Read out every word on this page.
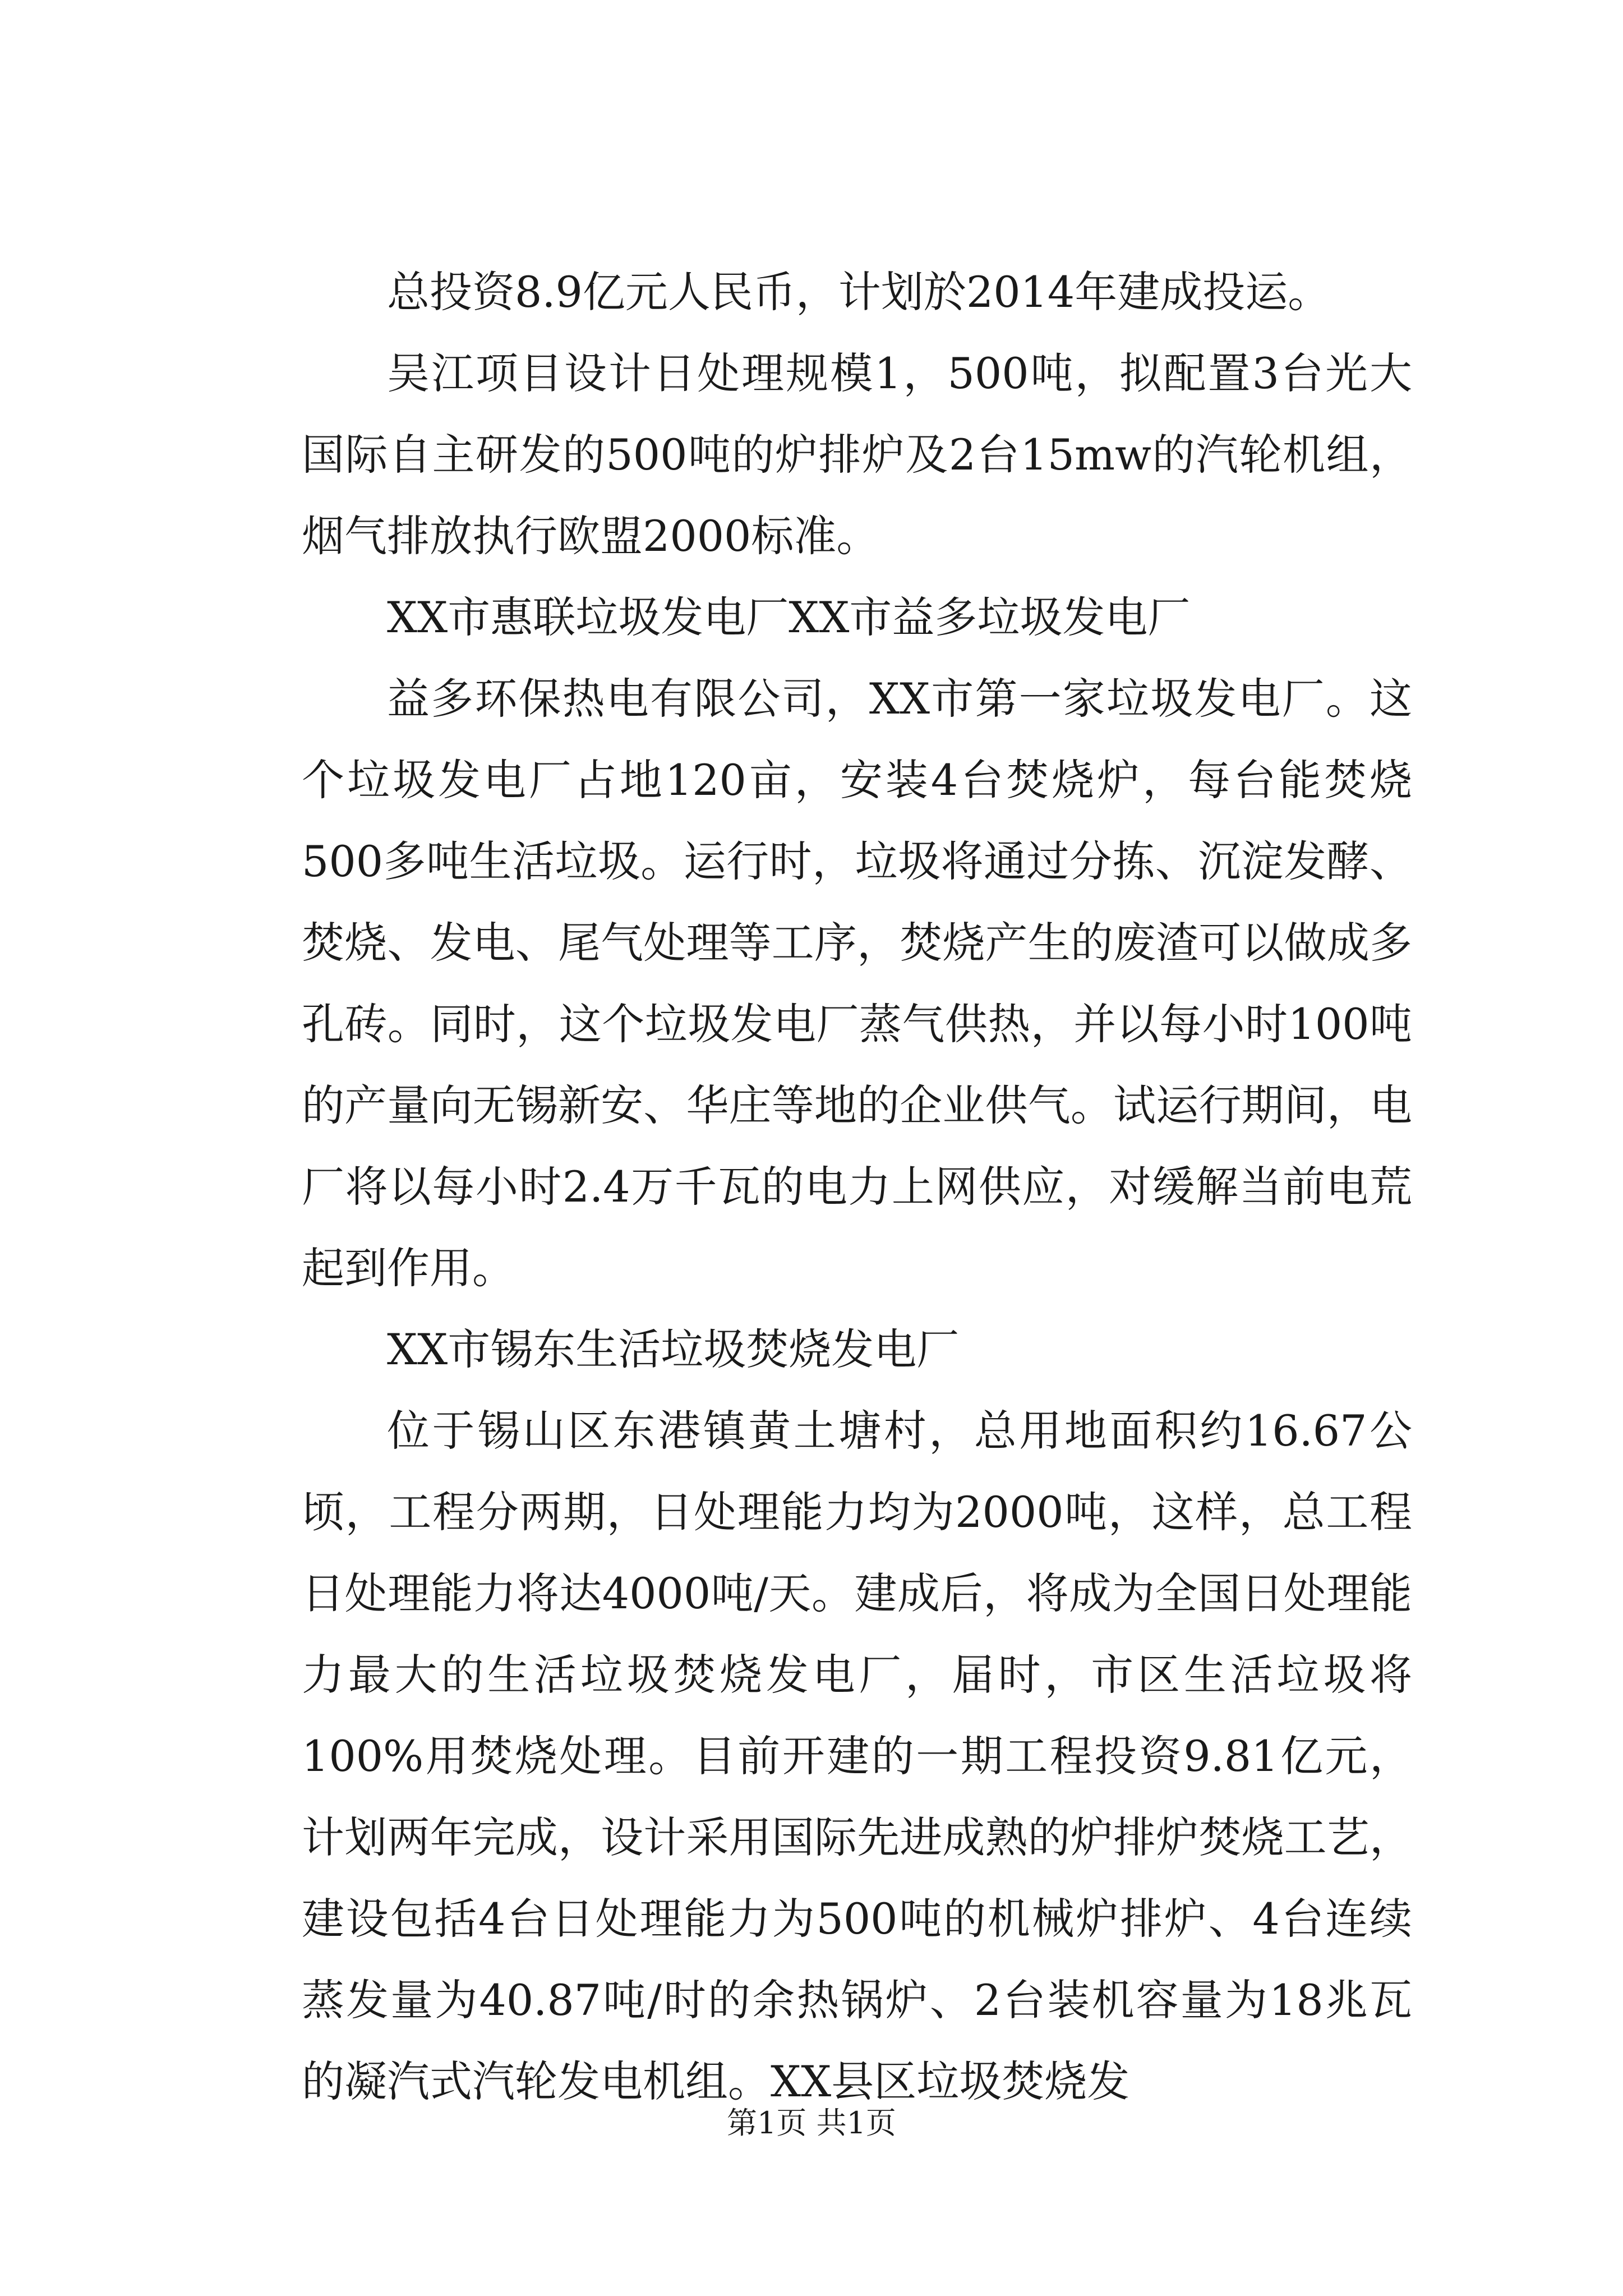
总投资8.9亿元人民币，计划於2014年建成投运。

吴江项目设计日处理规模1，500吨，拟配置3台光大国际自主研发的500吨的炉排炉及2台15mw的汽轮机组，烟气排放执行欧盟2000标准。

XX市惠联垃圾发电厂XX市益多垃圾发电厂

益多环保热电有限公司，XX市第一家垃圾发电厂。这个垃圾发电厂占地120亩，安装4台焚烧炉，每台能焚烧500多吨生活垃圾。运行时，垃圾将通过分拣、沉淀发酵、焚烧、发电、尾气处理等工序，焚烧产生的废渣可以做成多孔砖。同时，这个垃圾发电厂蒸气供热，并以每小时100吨的产量向无锡新安、华庄等地的企业供气。试运行期间，电厂将以每小时2.4万千瓦的电力上网供应，对缓解当前电荒起到作用。

XX市锡东生活垃圾焚烧发电厂

位于锡山区东港镇黄土塘村，总用地面积约16.67公顷，工程分两期，日处理能力均为2000吨，这样，总工程日处理能力将达4000吨/天。建成后，将成为全国日处理能力最大的生活垃圾焚烧发电厂，届时，市区生活垃圾将100%用焚烧处理。目前开建的一期工程投资9.81亿元，计划两年完成，设计采用国际先进成熟的炉排炉焚烧工艺，建设包括4台日处理能力为500吨的机械炉排炉、4台连续蒸发量为40.87吨/时的余热锅炉、2台装机容量为18兆瓦的凝汽式汽轮发电机组。XX县区垃圾焚烧发

第1页 共1页
